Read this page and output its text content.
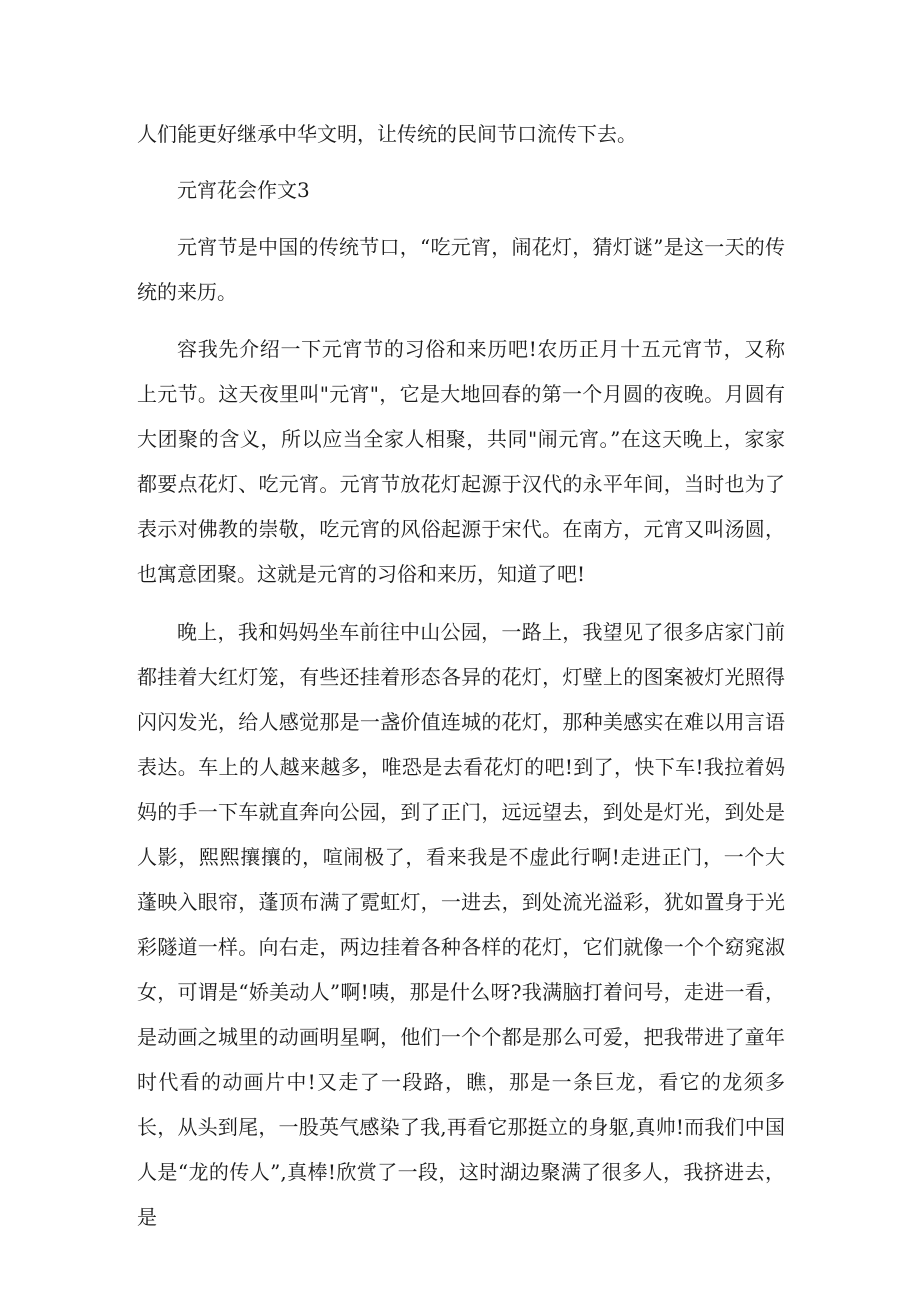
人们能更好继承中华文明，让传统的民间节口流传下去。

元宵花会作文3

元宵节是中国的传统节口，“吃元宵，闹花灯，猜灯谜”是这一天的传统的来历。

容我先介绍一下元宵节的习俗和来历吧!农历正月十五元宵节，又称上元节。这天夜里叫"元宵"，它是大地回春的第一个月圆的夜晚。月圆有大团聚的含义，所以应当全家人相聚，共同"闹元宵。”在这天晚上，家家都要点花灯、吃元宵。元宵节放花灯起源于汉代的永平年间，当时也为了表示对佛教的崇敬，吃元宵的风俗起源于宋代。在南方，元宵又叫汤圆，也寓意团聚。这就是元宵的习俗和来历，知道了吧!

晚上，我和妈妈坐车前往中山公园，一路上，我望见了很多店家门前都挂着大红灯笼，有些还挂着形态各异的花灯，灯壁上的图案被灯光照得闪闪发光，给人感觉那是一盏价值连城的花灯，那种美感实在难以用言语表达。车上的人越来越多，唯恐是去看花灯的吧!到了，快下车!我拉着妈妈的手一下车就直奔向公园，到了正门，远远望去，到处是灯光，到处是人影，熙熙攘攘的，喧闹极了，看来我是不虚此行啊!走进正门，一个大蓬映入眼帘，蓬顶布满了霓虹灯，一进去，到处流光溢彩，犹如置身于光彩隧道一样。向右走，两边挂着各种各样的花灯，它们就像一个个窈窕淑女，可谓是“娇美动人”啊!咦，那是什么呀?我满脑打着问号，走进一看，是动画之城里的动画明星啊，他们一个个都是那么可爱，把我带进了童年时代看的动画片中!又走了一段路，瞧，那是一条巨龙，看它的龙须多长，从头到尾，一股英气感染了我,再看它那挺立的身躯,真帅!而我们中国人是“龙的传人”,真棒!欣赏了一段，这时湖边聚满了很多人，我挤进去，是
